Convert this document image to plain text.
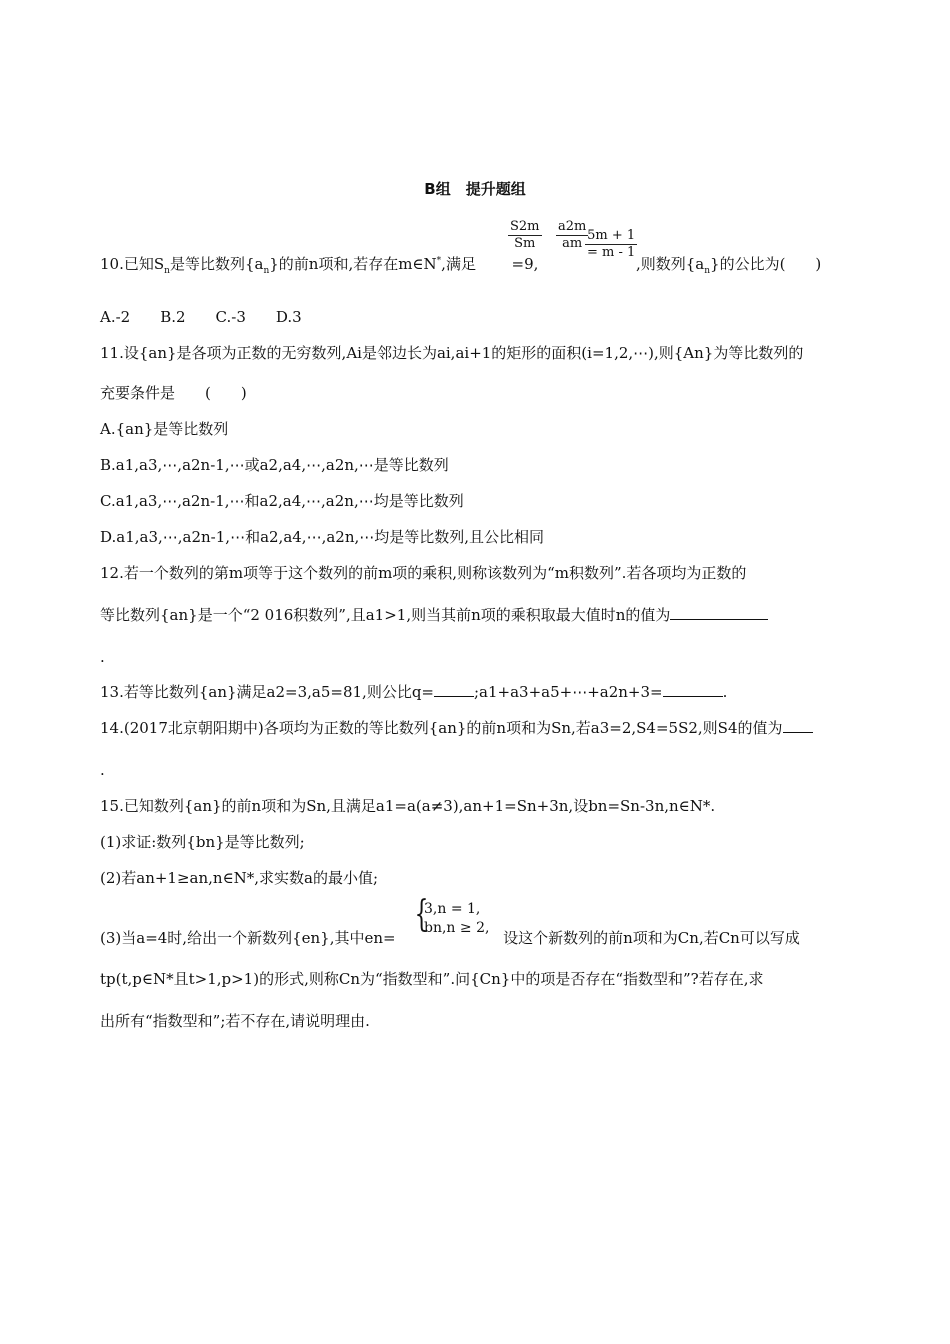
B组　提升题组
$\frac{S2m}{Sm} \frac{a2m}{am}$
$\frac{5m + 1}{= m - 1}$
10.已知$S_n$是等比数列$\{a_n\}$的前n项和,若存在m∈N*,满足 =9,	,则数列$\{a_n\}$的公比为(　　)
A.-2　　B.2　　C.-3　　D.3
11.设{an}是各项为正数的无穷数列,Ai是邻边长为ai,ai+1的矩形的面积(i=1,2,⋯),则{An}为等比数列的
充要条件是　　(　　)
A.{an}是等比数列
B.a1,a3,⋯,a2n-1,⋯或a2,a4,⋯,a2n,⋯是等比数列
C.a1,a3,⋯,a2n-1,⋯和a2,a4,⋯,a2n,⋯均是等比数列
D.a1,a3,⋯,a2n-1,⋯和a2,a4,⋯,a2n,⋯均是等比数列,且公比相同
12.若一个数列的第m项等于这个数列的前m项的乘积,则称该数列为“m积数列”.若各项均为正数的
等比数列{an}是一个“2 016积数列”,且a1>1,则当其前n项的乘积取最大值时n的值为
.
13.若等比数列{an}满足a2=3,a5=81,则公比q=	;a1+a3+a5+⋯+a2n+3=	.
14.(2017北京朝阳期中)各项均为正数的等比数列{an}的前n项和为Sn,若a3=2,S4=5S2,则S4的值为
.
15.已知数列{an}的前n项和为Sn,且满足a1=a(a≠3),an+1=Sn+3n,设bn=Sn-3n,n∈N*.
(1)求证:数列{bn}是等比数列;
(2)若an+1≥an,n∈N*,求实数a的最小值;
{
3,n = 1,
bn,n ≥ 2,
(3)当a=4时,给出一个新数列{en},其中en=	设这个新数列的前n项和为Cn,若Cn可以写成
tp(t,p∈N*且t>1,p>1)的形式,则称Cn为“指数型和”.问{Cn}中的项是否存在“指数型和”?若存在,求
出所有“指数型和”;若不存在,请说明理由.
